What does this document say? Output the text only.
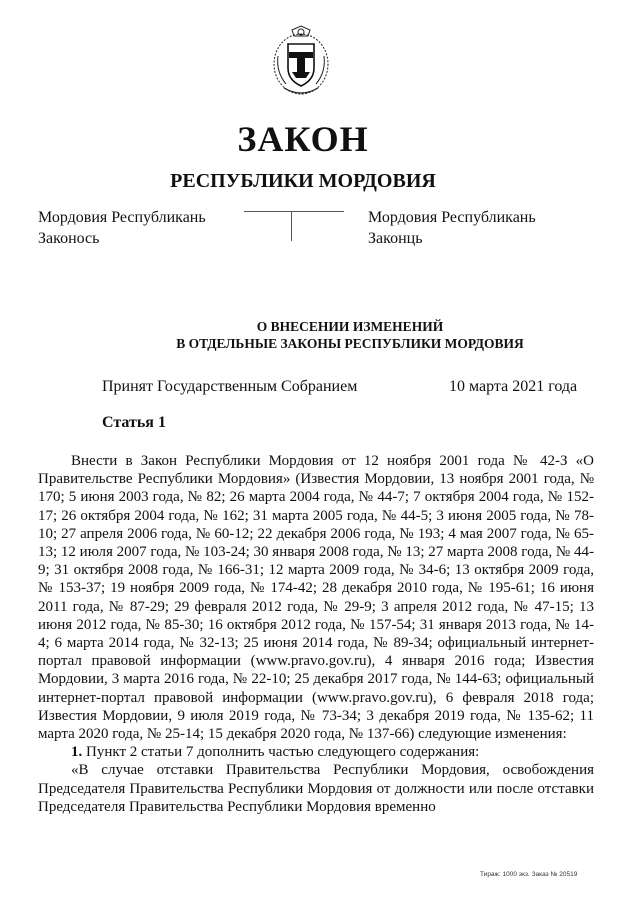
ЗАКОН
РЕСПУБЛИКИ МОРДОВИЯ
Мордовия Республикань
Законось
Мордовия Республикань
Законць
О ВНЕСЕНИИ ИЗМЕНЕНИЙ
В ОТДЕЛЬНЫЕ ЗАКОНЫ РЕСПУБЛИКИ МОРДОВИЯ
Принят Государственным Собранием	10 марта 2021 года
Статья 1

Внести в Закон Республики Мордовия от 12 ноября 2001 года № 42-З «О Правительстве Республики Мордовия» (Известия Мордовии, 13 ноября 2001 года, № 170; 5 июня 2003 года, № 82; 26 марта 2004 года, № 44-7; 7 октября 2004 года, № 152-17; 26 октября 2004 года, № 162; 31 марта 2005 года, № 44-5; 3 июня 2005 года, № 78-10; 27 апреля 2006 года, № 60-12; 22 декабря 2006 года, № 193; 4 мая 2007 года, № 65-13; 12 июля 2007 года, № 103-24; 30 января 2008 года, № 13; 27 марта 2008 года, № 44-9; 31 октября 2008 года, № 166-31; 12 марта 2009 года, № 34-6; 13 октября 2009 года, № 153-37; 19 ноября 2009 года, № 174-42; 28 декабря 2010 года, № 195-61; 16 июня 2011 года, № 87-29; 29 февраля 2012 года, № 29-9; 3 апреля 2012 года, № 47-15; 13 июня 2012 года, № 85-30; 16 октября 2012 года, № 157-54; 31 января 2013 года, № 14-4; 6 марта 2014 года, № 32-13; 25 июня 2014 года, № 89-34; официальный интернет-портал правовой информации (www.pravo.gov.ru), 4 января 2016 года; Известия Мордовии, 3 марта 2016 года, № 22-10; 25 декабря 2017 года, № 144-63; официальный интернет-портал правовой информации (www.pravo.gov.ru), 6 февраля 2018 года; Известия Мордовии, 9 июля 2019 года, № 73-34; 3 декабря 2019 года, № 135-62; 11 марта 2020 года, № 25-14; 15 декабря 2020 года, № 137-66) следующие изменения:

1. Пункт 2 статьи 7 дополнить частью следующего содержания:

«В случае отставки Правительства Республики Мордовия, освобождения Председателя Правительства Республики Мордовия от должности или после отставки Председателя Правительства Республики Мордовия временно

Тираж: 1000 экз. Заказ № 20519
